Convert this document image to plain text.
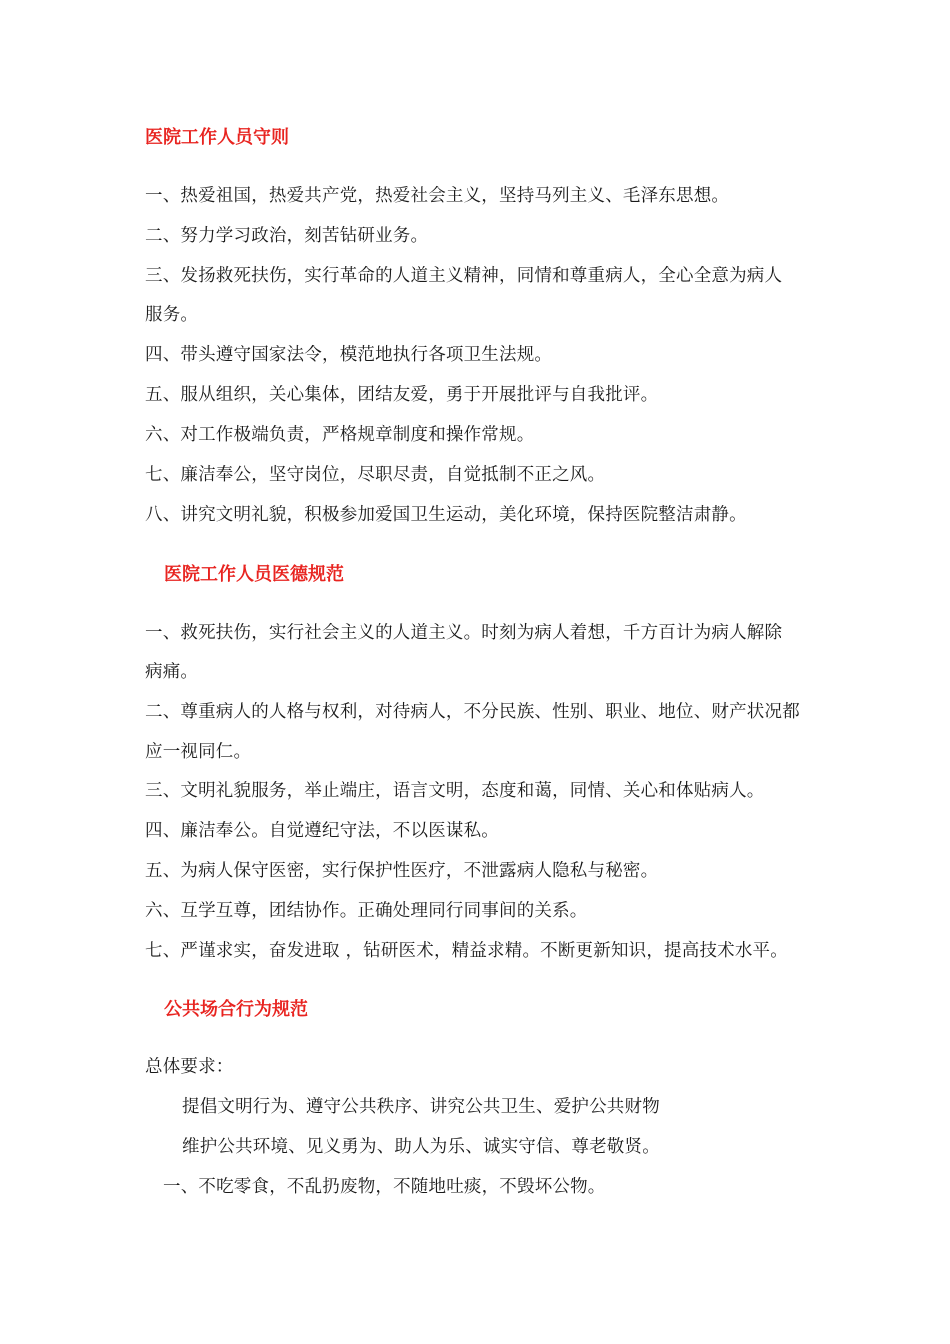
医院工作人员守则
一、热爱祖国，热爱共产党，热爱社会主义，坚持马列主义、毛泽东思想。
二、努力学习政治，刻苦钻研业务。
三、发扬救死扶伤，实行革命的人道主义精神，同情和尊重病人，全心全意为病人
服务。
四、带头遵守国家法令，模范地执行各项卫生法规。
五、服从组织，关心集体，团结友爱，勇于开展批评与自我批评。
六、对工作极端负责，严格规章制度和操作常规。
七、廉洁奉公，坚守岗位，尽职尽责，自觉抵制不正之风。
八、讲究文明礼貌，积极参加爱国卫生运动，美化环境，保持医院整洁肃静。
医院工作人员医德规范
一、救死扶伤，实行社会主义的人道主义。时刻为病人着想，千方百计为病人解除
病痛。
二、尊重病人的人格与权利，对待病人，不分民族、性别、职业、地位、财产状况都
应一视同仁。
三、文明礼貌服务，举止端庄，语言文明，态度和蔼，同情、关心和体贴病人。
四、廉洁奉公。自觉遵纪守法，不以医谋私。
五、为病人保守医密，实行保护性医疗，不泄露病人隐私与秘密。
六、互学互尊，团结协作。正确处理同行同事间的关系。
七、严谨求实，奋发进取 ，钻研医术，精益求精。不断更新知识，提高技术水平。
公共场合行为规范
总体要求：
提倡文明行为、遵守公共秩序、讲究公共卫生、爱护公共财物
维护公共环境、见义勇为、助人为乐、诚实守信、尊老敬贤。
一、不吃零食，不乱扔废物，不随地吐痰，不毁坏公物。
